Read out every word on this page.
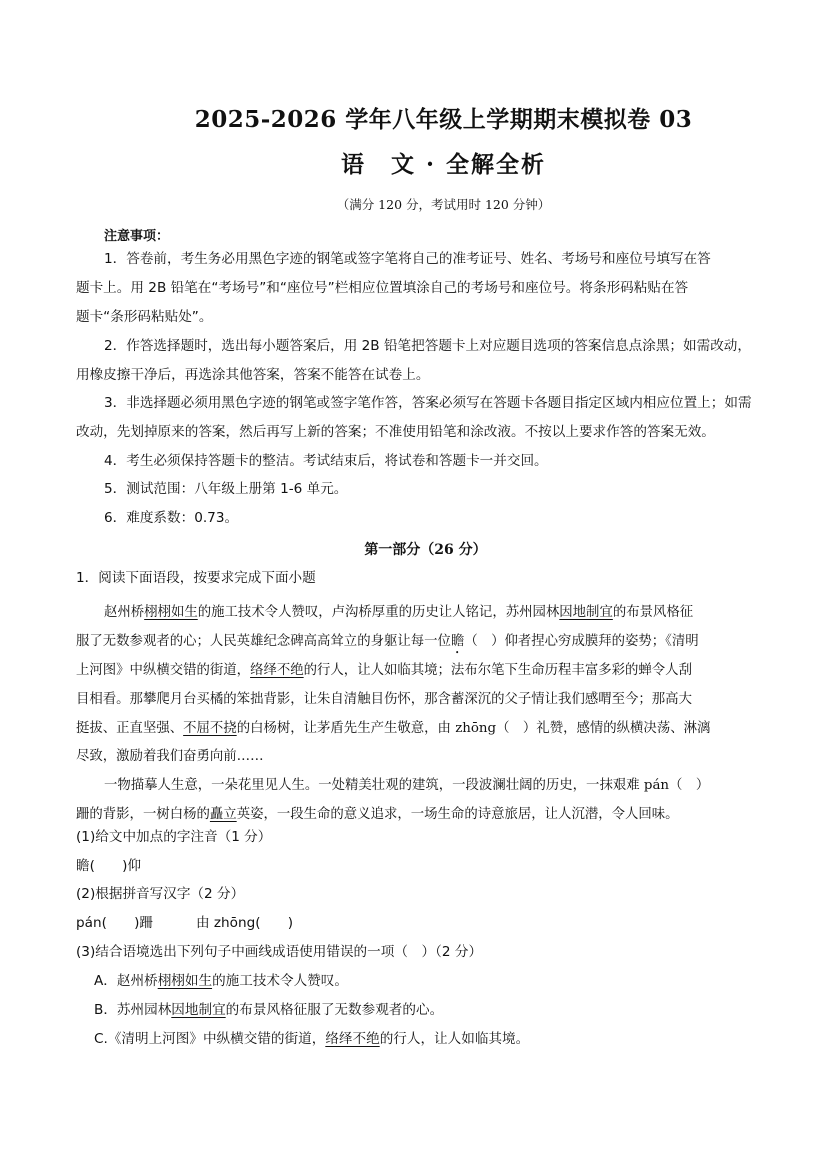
2025-2026 学年八年级上学期期末模拟卷 03
语　文 · 全解全析
（满分 120 分，考试用时 120 分钟）
注意事项：
1．答卷前，考生务必用黑色字迹的钢笔或签字笔将自己的准考证号、姓名、考场号和座位号填写在答
题卡上。用 2B 铅笔在“考场号”和“座位号”栏相应位置填涂自己的考场号和座位号。将条形码粘贴在答
题卡“条形码粘贴处”。
2．作答选择题时，选出每小题答案后，用 2B 铅笔把答题卡上对应题目选项的答案信息点涂黑；如需改动，
用橡皮擦干净后，再选涂其他答案，答案不能答在试卷上。
3．非选择题必须用黑色字迹的钢笔或签字笔作答，答案必须写在答题卡各题目指定区域内相应位置上；如需
改动，先划掉原来的答案，然后再写上新的答案；不准使用铅笔和涂改液。不按以上要求作答的答案无效。
4．考生必须保持答题卡的整洁。考试结束后，将试卷和答题卡一并交回。
5．测试范围：八年级上册第 1-6 单元。
6．难度系数：0.73。
第一部分（26 分）
1．阅读下面语段，按要求完成下面小题
赵州桥栩栩如生的施工技术令人赞叹，卢沟桥厚重的历史让人铭记，苏州园林因地制宜的布景风格征
服了无数参观者的心；人民英雄纪念碑高高耸立的身躯让每一位瞻（　）仰者捏心穷成膜拜的姿势；《清明
上河图》中纵横交错的街道，络绎不绝的行人，让人如临其境；法布尔笔下生命历程丰富多彩的蝉令人刮
目相看。那攀爬月台买橘的笨拙背影，让朱自清触目伤怀，那含蓄深沉的父子情让我们感喟至今；那高大
挺拔、正直坚强、不屈不挠的白杨树，让茅盾先生产生敬意，由 zhōng（　）礼赞，感情的纵横决荡、淋漓
尽致，激励着我们奋勇向前……
一物描摹人生意，一朵花里见人生。一处精美壮观的建筑，一段波澜壮阔的历史，一抹艰难 pán（　）
跚的背影，一树白杨的矗立英姿，一段生命的意义追求，一场生命的诗意旅居，让人沉潜，令人回味。
(1)给文中加点的字注音（1 分）
瞻(　　)仰
(2)根据拼音写汉字（2 分）
pán(　　)跚	由 zhōng(　　)
(3)结合语境选出下列句子中画线成语使用错误的一项（　）（2 分）
A．赵州桥栩栩如生的施工技术令人赞叹。
B．苏州园林因地制宜的布景风格征服了无数参观者的心。
C.《清明上河图》中纵横交错的街道，络绎不绝的行人，让人如临其境。
